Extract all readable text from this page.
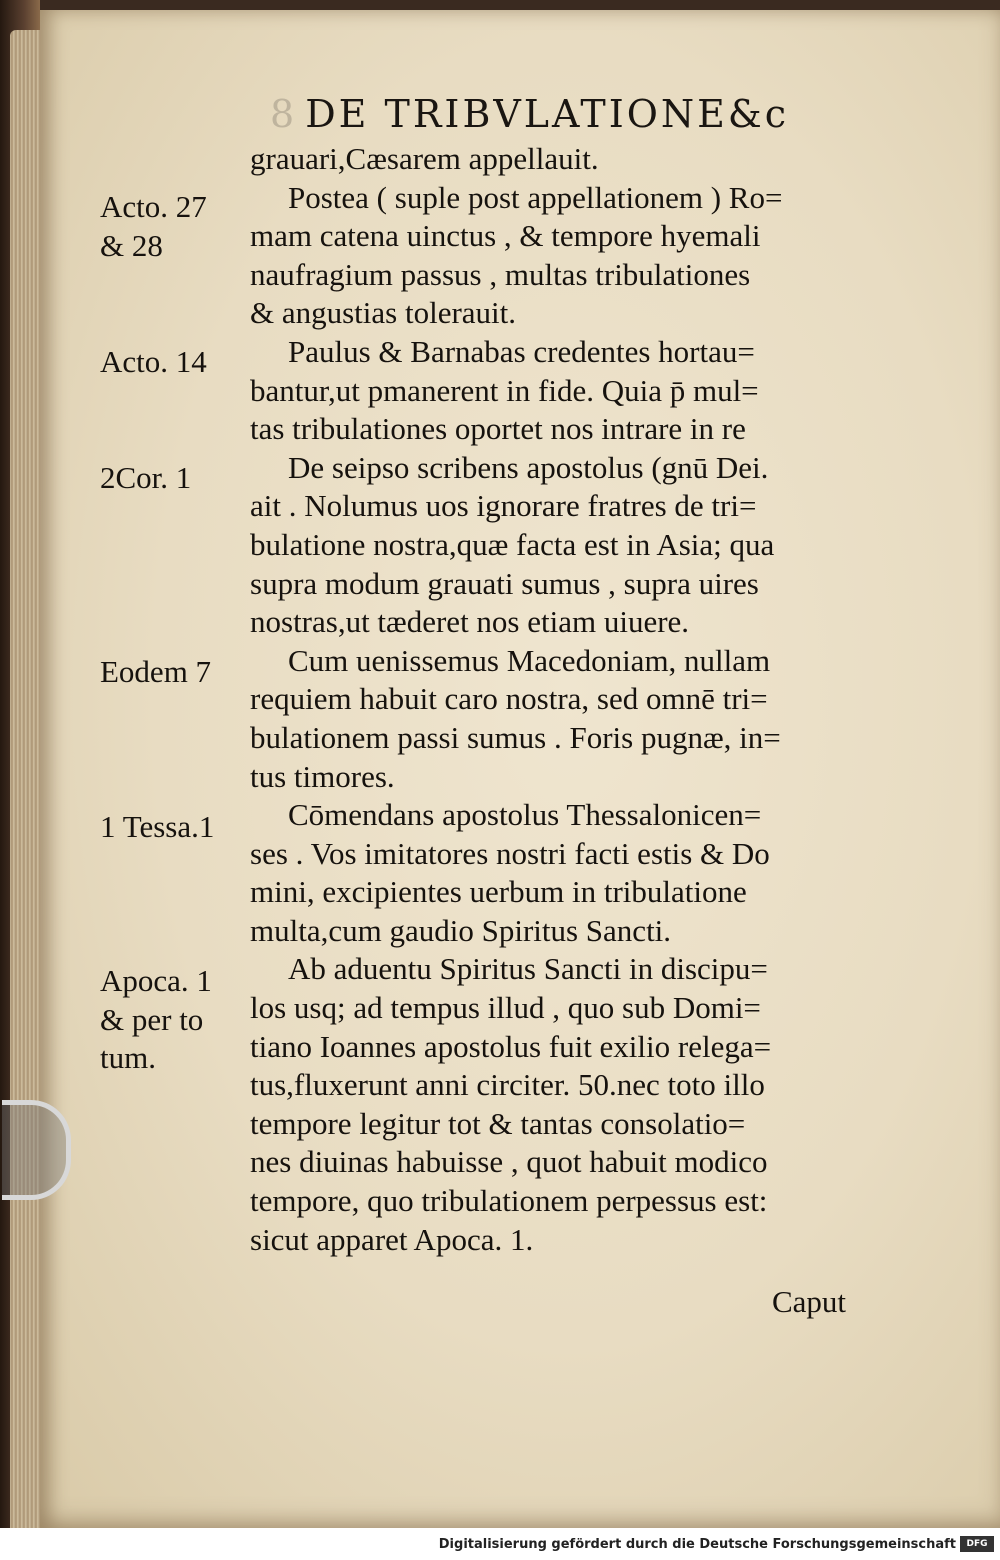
8 DE TRIBVLATIONE&c
Acto. 27
& 28
Acto. 14
2Cor. 1
Eodem 7
1 Tessa.1
Apoca. 1
& per to
tum.
grauari,Cæsarem appellauit.
Postea ( suple post appellationem ) Ro=
mam catena uinctus , & tempore hyemali
naufragium passus , multas tribulationes
& angustias tolerauit.
Paulus & Barnabas credentes hortau=
bantur,ut pmanerent in fide. Quia p̄ mul=
tas tribulationes oportet nos intrare in re
De seipso scribens apostolus (gnū Dei.
ait . Nolumus uos ignorare fratres de tri=
bulatione nostra,quæ facta est in Asia; qua
supra modum grauati sumus , supra uires
nostras,ut tæderet nos etiam uiuere.
Cum uenissemus Macedoniam, nullam
requiem habuit caro nostra, sed omnē tri=
bulationem passi sumus . Foris pugnæ, in=
tus timores.
Cōmendans apostolus Thessalonicen=
ses . Vos imitatores nostri facti estis & Do
mini, excipientes uerbum in tribulatione
multa,cum gaudio Spiritus Sancti.
Ab aduentu Spiritus Sancti in discipu=
los usq; ad tempus illud , quo sub Domi=
tiano Ioannes apostolus fuit exilio relega=
tus,fluxerunt anni circiter. 50.nec toto illo
tempore legitur tot & tantas consolatio=
nes diuinas habuisse , quot habuit modico
tempore, quo tribulationem perpessus est:
sicut apparet Apoca. 1.
Caput
Digitalisierung gefördert durch die Deutsche Forschungsgemeinschaft	DFG
